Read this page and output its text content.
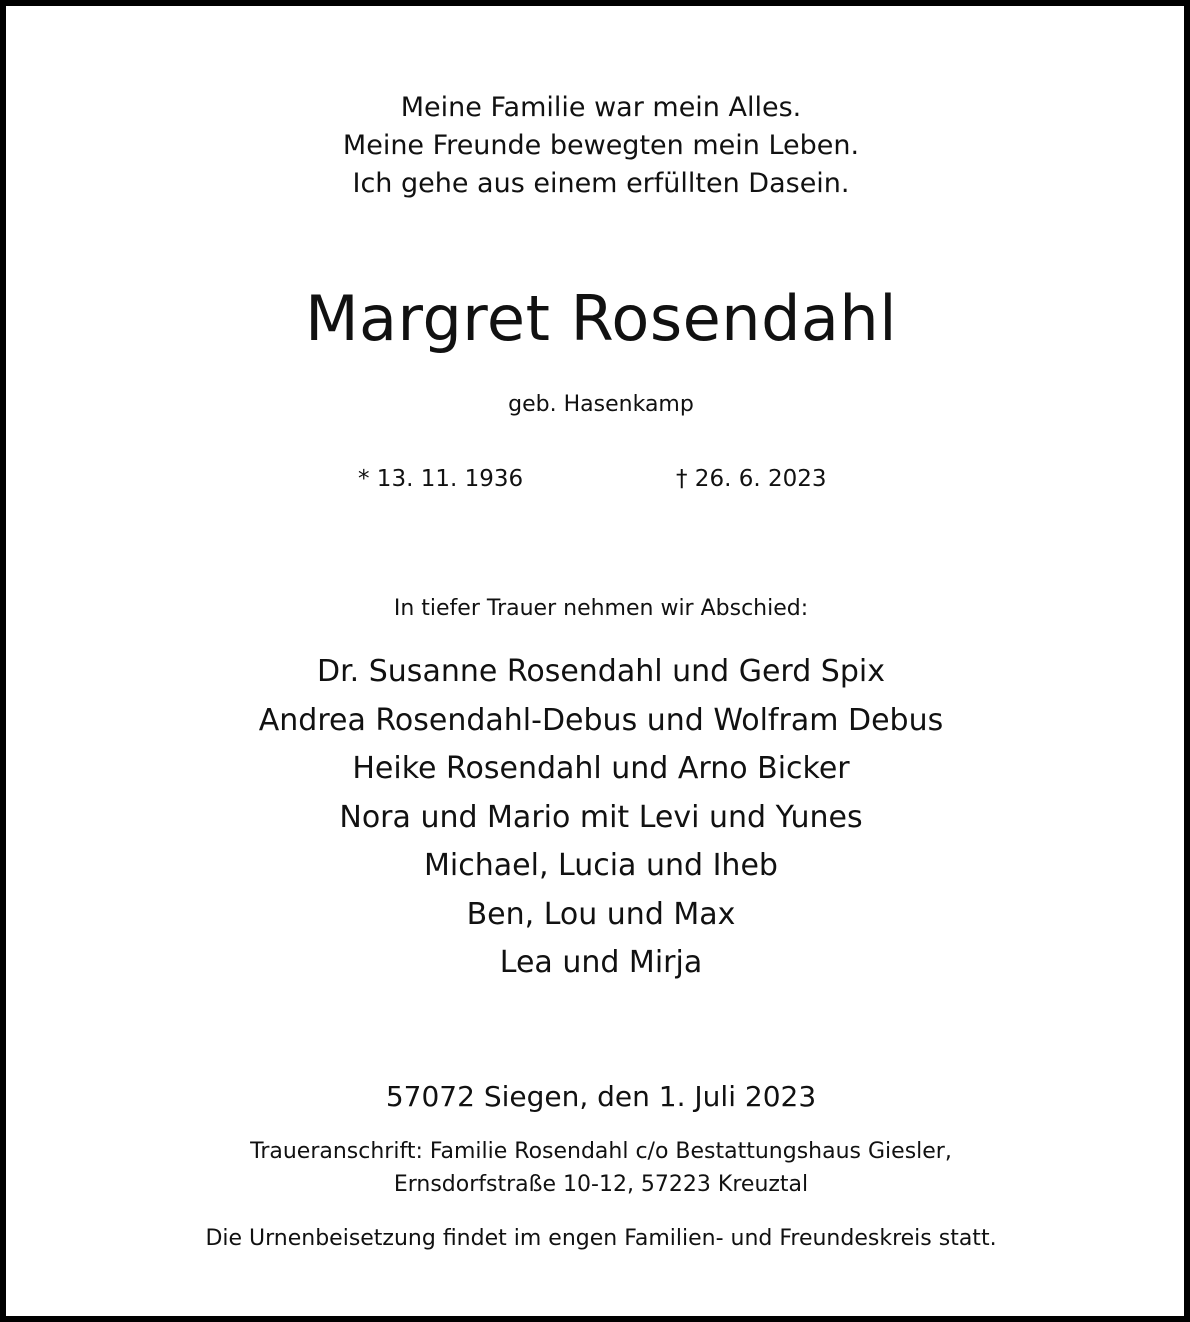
Meine Familie war mein Alles.
Meine Freunde bewegten mein Leben.
Ich gehe aus einem erfüllten Dasein.
Margret Rosendahl
geb. Hasenkamp
* 13. 11. 1936	† 26. 6. 2023
In tiefer Trauer nehmen wir Abschied:
Dr. Susanne Rosendahl und Gerd Spix
Andrea Rosendahl-Debus und Wolfram Debus
Heike Rosendahl und Arno Bicker
Nora und Mario mit Levi und Yunes
Michael, Lucia und Iheb
Ben, Lou und Max
Lea und Mirja
57072 Siegen, den 1. Juli 2023
Traueranschrift: Familie Rosendahl c/o Bestattungshaus Giesler,
Ernsdorfstraße 10-12, 57223 Kreuztal
Die Urnenbeisetzung findet im engen Familien- und Freundeskreis statt.
